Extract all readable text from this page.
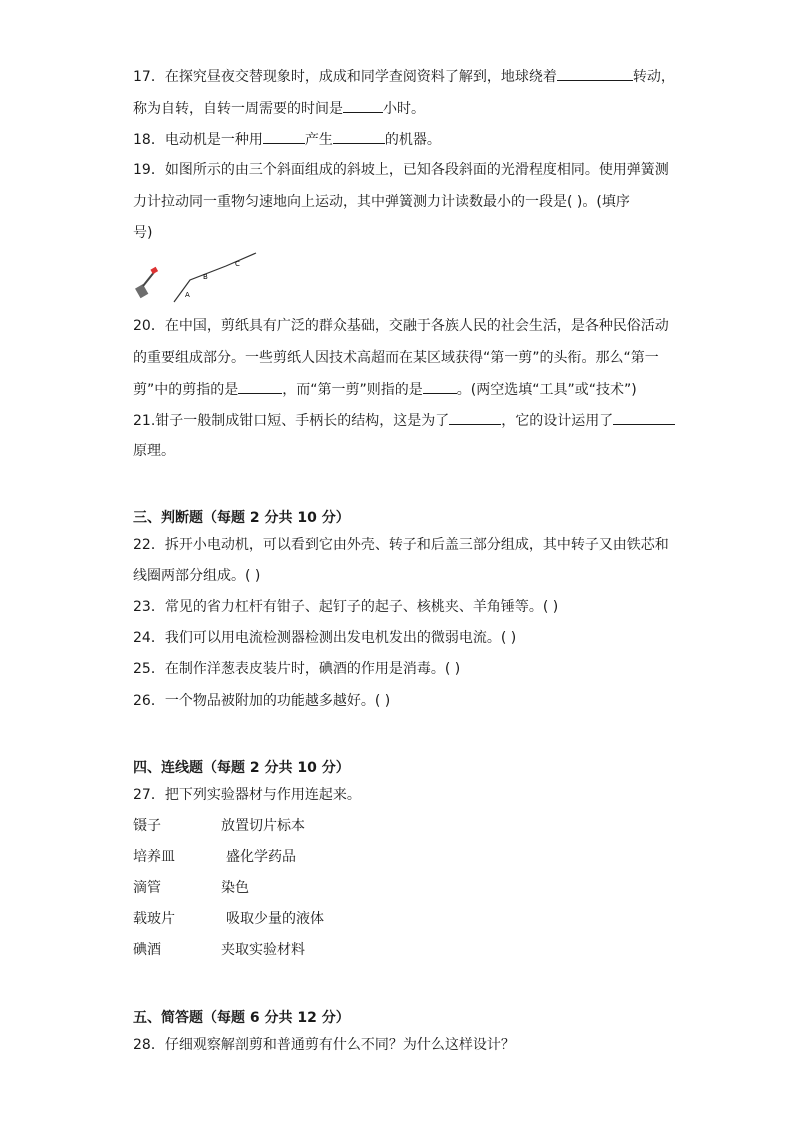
17．在探究昼夜交替现象时，成成和同学查阅资料了解到，地球绕着	转动，
称为自转，自转一周需要的时间是	小时。
18．电动机是一种用	产生	的机器。
19．如图所示的由三个斜面组成的斜坡上，已知各段斜面的光滑程度相同。使用弹簧测
力计拉动同一重物匀速地向上运动，其中弹簧测力计读数最小的一段是( )。(填序
号)
A
B
C
20．在中国，剪纸具有广泛的群众基础，交融于各族人民的社会生活，是各种民俗活动
的重要组成部分。一些剪纸人因技术高超而在某区域获得“第一剪”的头衔。那么“第一
剪”中的剪指的是	，而“第一剪”则指的是 。(两空选填“工具”或“技术”)
21.钳子一般制成钳口短、手柄长的结构，这是为了	，它的设计运用了
原理。
三、判断题（每题 2 分共 10 分）
22．拆开小电动机，可以看到它由外壳、转子和后盖三部分组成，其中转子又由铁芯和
线圈两部分组成。( )
23．常见的省力杠杆有钳子、起钉子的起子、核桃夹、羊角锤等。( )
24．我们可以用电流检测器检测出发电机发出的微弱电流。( )
25．在制作洋葱表皮装片时，碘酒的作用是消毒。( )
26．一个物品被附加的功能越多越好。( )
四、连线题（每题 2 分共 10 分）
27．把下列实验器材与作用连起来。
镊子	放置切片标本
培养皿	盛化学药品
滴管	染色
载玻片	吸取少量的液体
碘酒	夹取实验材料
五、简答题（每题 6 分共 12 分）
28．仔细观察解剖剪和普通剪有什么不同？为什么这样设计？
